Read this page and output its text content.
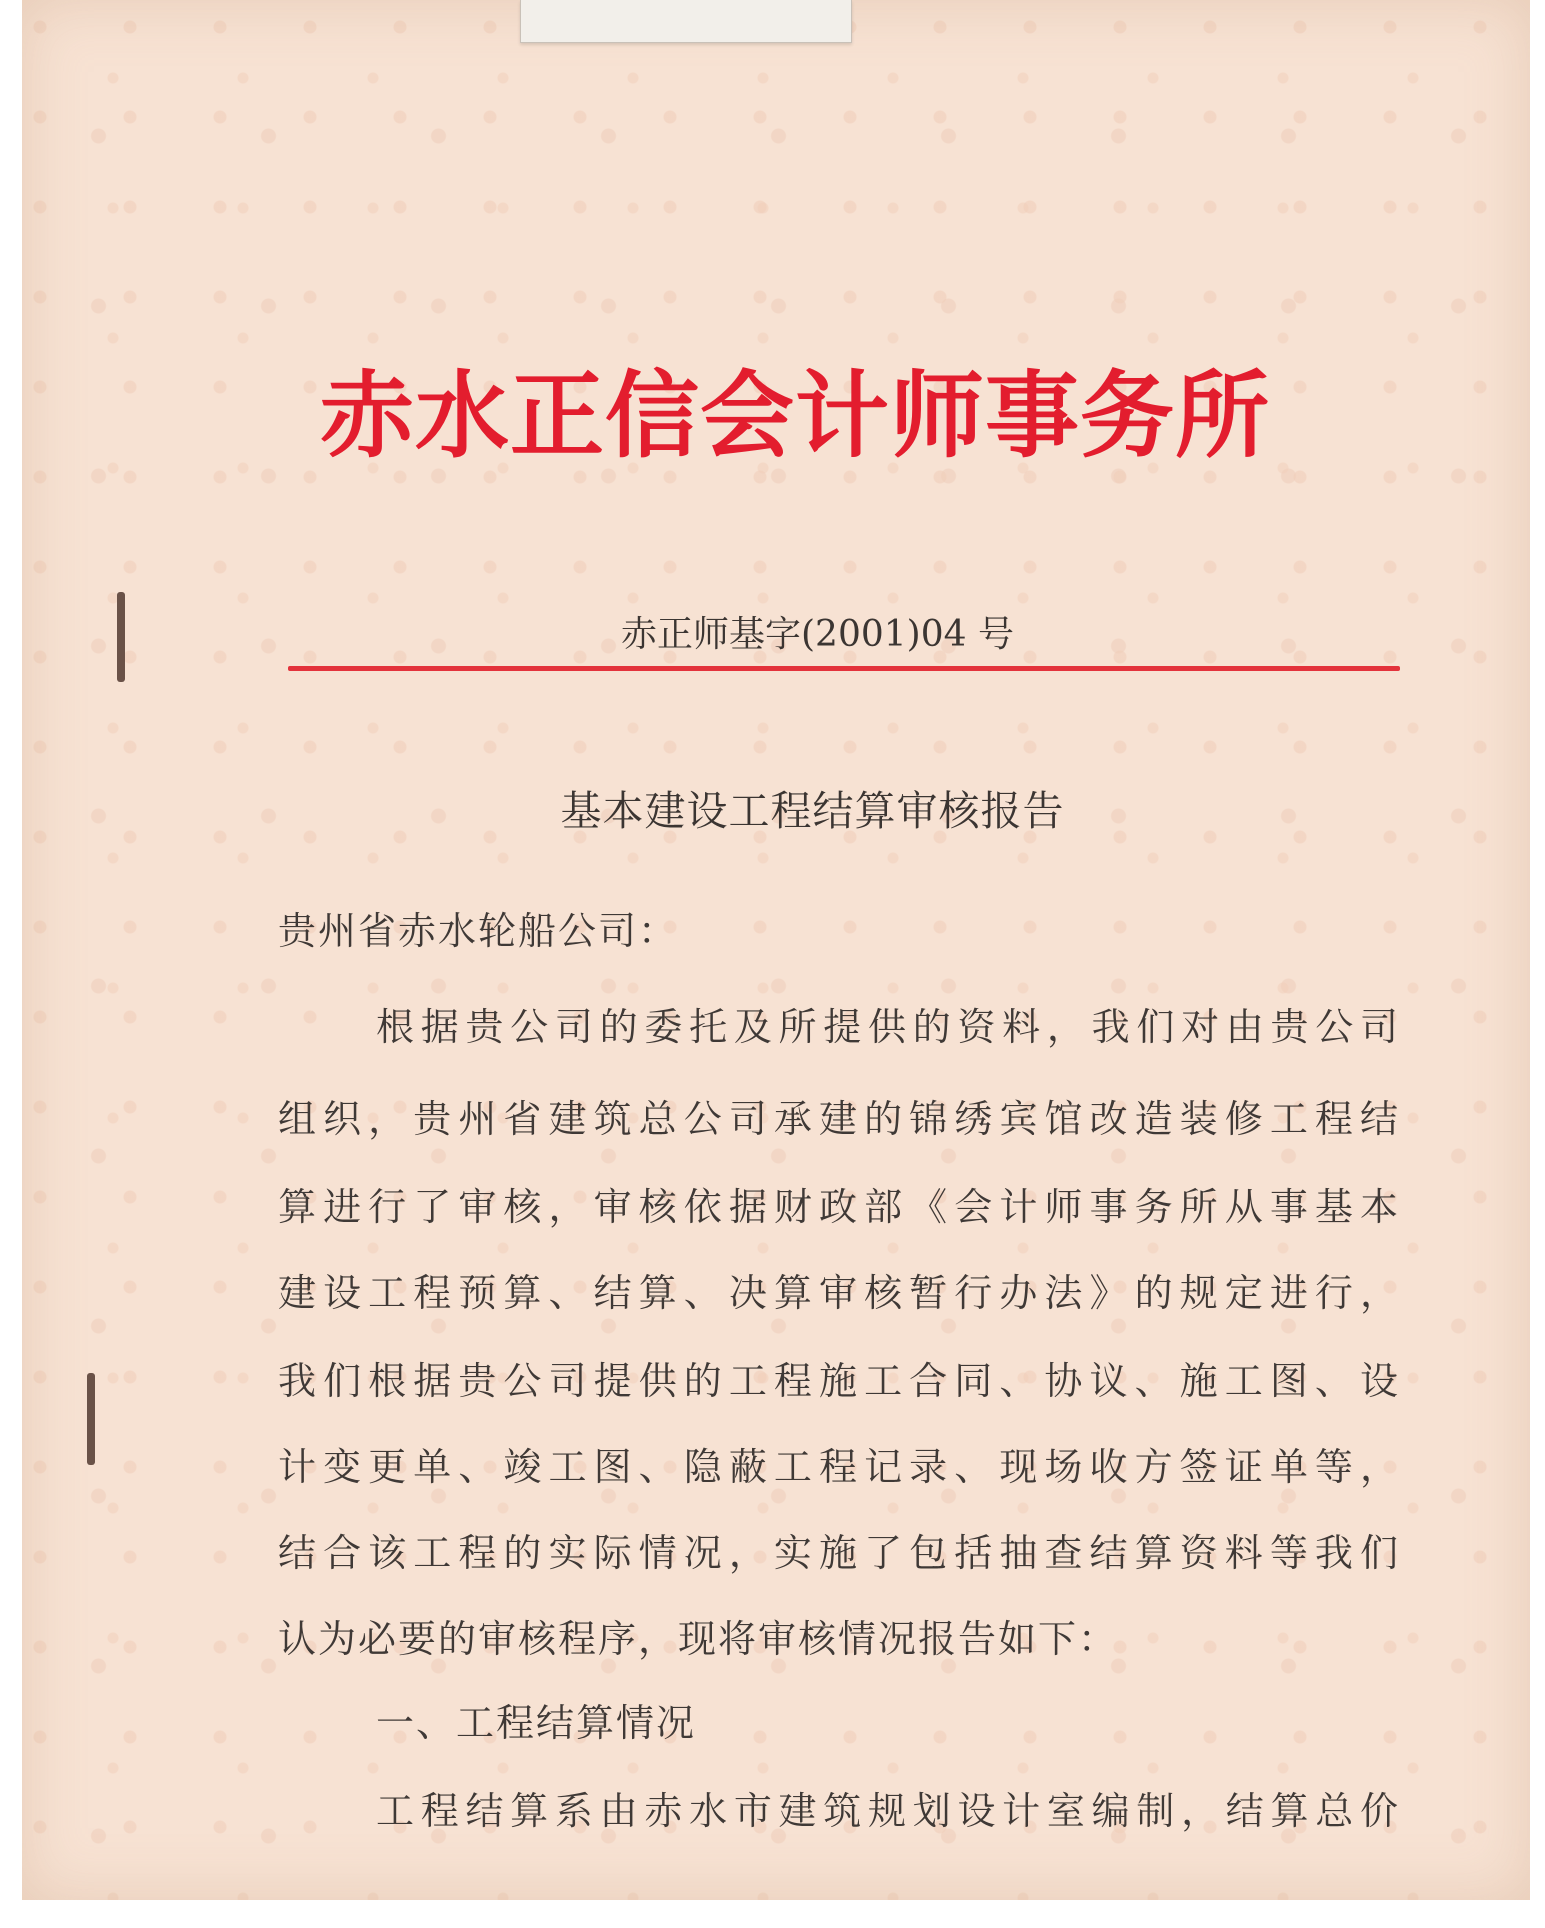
赤水正信会计师事务所
赤正师基字(2001)04 号
基本建设工程结算审核报告
贵州省赤水轮船公司：
根据贵公司的委托及所提供的资料，我们对由贵公司
组织，贵州省建筑总公司承建的锦绣宾馆改造装修工程结
算进行了审核，审核依据财政部《会计师事务所从事基本
建设工程预算、结算、决算审核暂行办法》的规定进行，
我们根据贵公司提供的工程施工合同、协议、施工图、设
计变更单、竣工图、隐蔽工程记录、现场收方签证单等，
结合该工程的实际情况，实施了包括抽查结算资料等我们
认为必要的审核程序，现将审核情况报告如下：
一、工程结算情况
工程结算系由赤水市建筑规划设计室编制，结算总价
